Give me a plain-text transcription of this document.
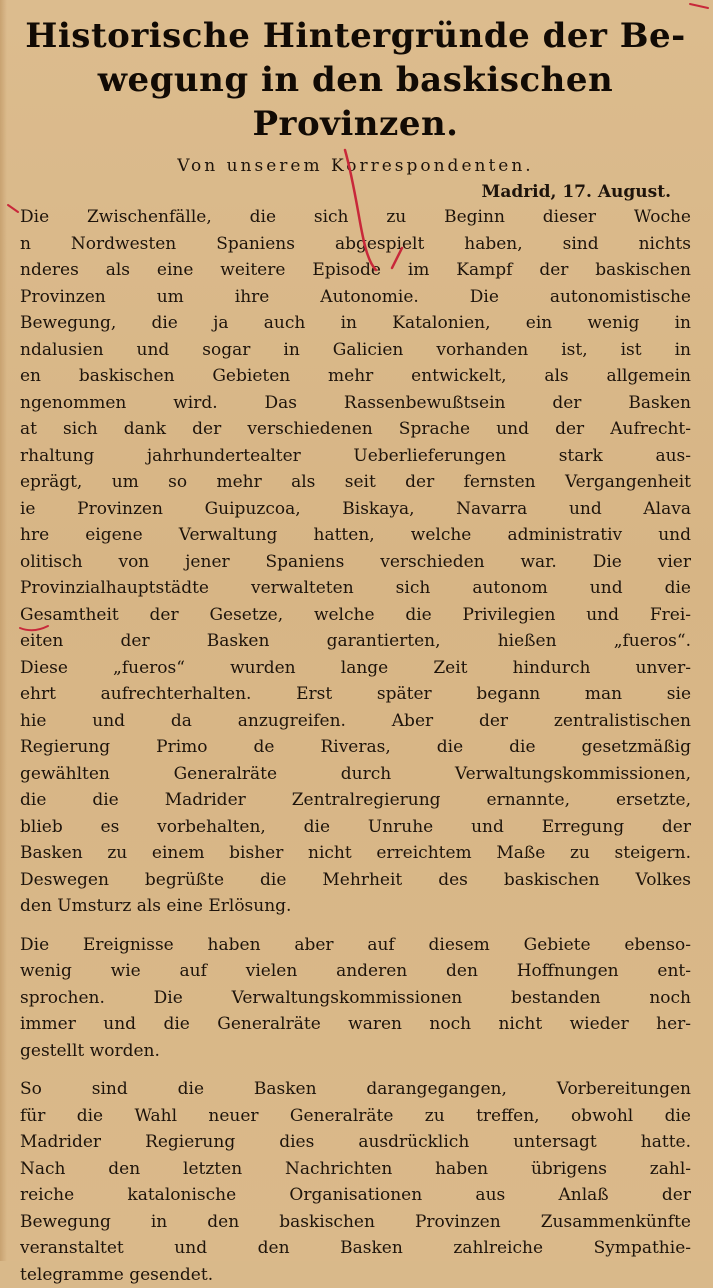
Historische Hintergründe der Be-
wegung in den baskischen Provinzen.
Von unserem Korrespondenten.
Madrid, 17. August.

Die Zwischenfälle, die sich zu Beginn dieser Woche

n Nordwesten Spaniens abgespielt haben, sind nichts

nderes als eine weitere Episode im Kampf der baskischen

Provinzen um ihre Autonomie. Die autonomistische

Bewegung, die ja auch in Katalonien, ein wenig in

ndalusien und sogar in Galicien vorhanden ist, ist in

en baskischen Gebieten mehr entwickelt, als allgemein

ngenommen wird. Das Rassenbewußtsein der Basken

at sich dank der verschiedenen Sprache und der Aufrecht-

rhaltung jahrhundertealter Ueberlieferungen stark aus-

eprägt, um so mehr als seit der fernsten Vergangenheit

ie Provinzen Guipuzcoa, Biskaya, Navarra und Alava

hre eigene Verwaltung hatten, welche administrativ und

olitisch von jener Spaniens verschieden war. Die vier

Provinzialhauptstädte verwalteten sich autonom und die

Gesamtheit der Gesetze, welche die Privilegien und Frei-

eiten der Basken garantierten, hießen „fueros“.

Diese „fueros“ wurden lange Zeit hindurch unver-

ehrt aufrechterhalten. Erst später begann man sie

hie und da anzugreifen. Aber der zentralistischen

Regierung Primo de Riveras, die die gesetzmäßig

gewählten Generalräte durch Verwaltungskommissionen,

die die Madrider Zentralregierung ernannte, ersetzte,

blieb es vorbehalten, die Unruhe und Erregung der

Basken zu einem bisher nicht erreichtem Maße zu steigern.

Deswegen begrüßte die Mehrheit des baskischen Volkes

den Umsturz als eine Erlösung.

Die Ereignisse haben aber auf diesem Gebiete ebenso-

wenig wie auf vielen anderen den Hoffnungen ent-

sprochen. Die Verwaltungskommissionen bestanden noch

immer und die Generalräte waren noch nicht wieder her-

gestellt worden.

So sind die Basken darangegangen, Vorbereitungen

für die Wahl neuer Generalräte zu treffen, obwohl die

Madrider Regierung dies ausdrücklich untersagt hatte.

Nach den letzten Nachrichten haben übrigens zahl-

reiche katalonische Organisationen aus Anlaß der

Bewegung in den baskischen Provinzen Zusammenkünfte

veranstaltet und den Basken zahlreiche Sympathie-

telegramme gesendet.
